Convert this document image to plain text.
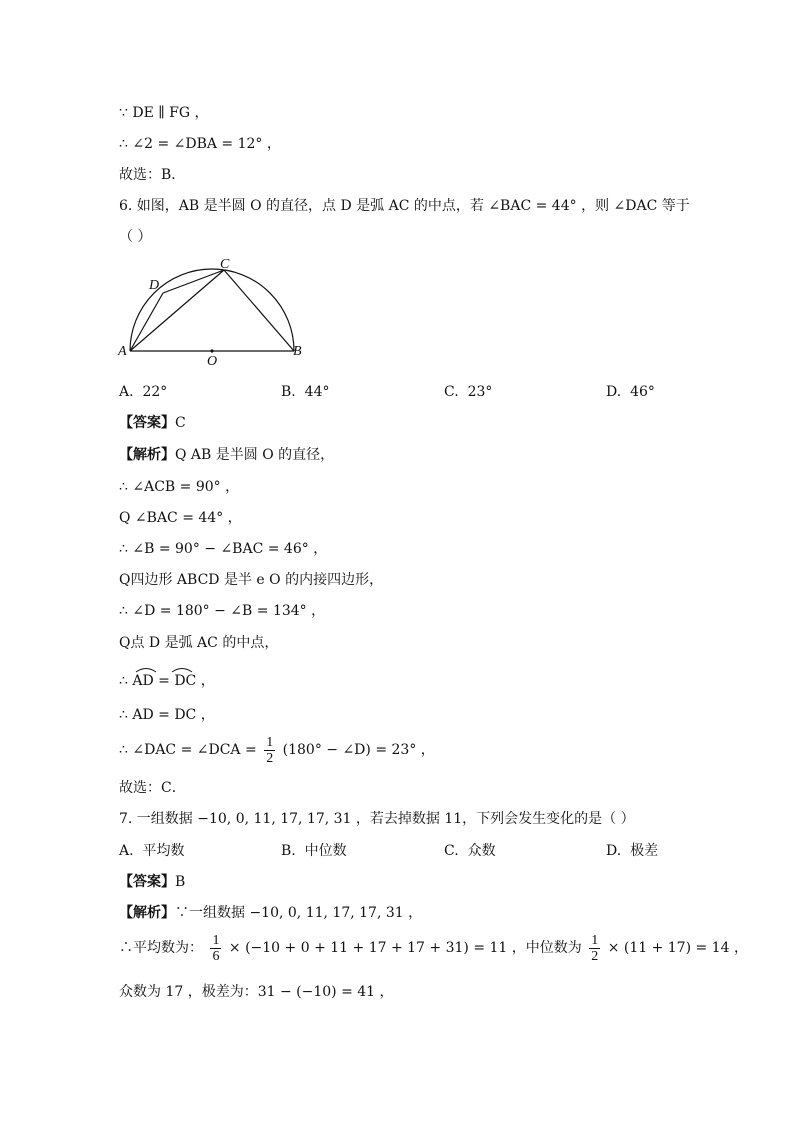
∵ DE ∥ FG ，
∴ ∠2 = ∠DBA = 12° ，
故选：B．
6. 如图，AB 是半圆 O 的直径，点 D 是弧 AC 的中点，若 ∠BAC = 44° ，则 ∠DAC 等于
（ ）
A	B
C
D
O
A. 22°	B. 44°	C. 23°	D. 46°
【答案】C
【解析】Q AB 是半圆 O 的直径，
∴ ∠ACB = 90° ，
Q ∠BAC = 44° ，
∴ ∠B = 90° − ∠BAC = 46° ，
Q四边形 ABCD 是半 e O 的内接四边形，
∴ ∠D = 180° − ∠B = 134° ，
Q点 D 是弧 AC 的中点，
∴ AD = DC ，
∴ AD = DC ，
∴ ∠DAC = ∠DCA = $\frac{1}{2} (180^\circ$ − ∠D) = 23° ，
故选：C．
7. 一组数据 −10, 0, 11, 17, 17, 31 ，若去掉数据 11，下列会发生变化的是（ ）
A. 平均数	B. 中位数	C. 众数	D. 极差
【答案】B
【解析】∵一组数据 −10, 0, 11, 17, 17, 31 ，
∴平均数为： $\frac{1}{6} \times (-10 + 0 + 11 + 17 + 17 + 31) = 11$ ，中位数为 $\frac{1}{2} \times (11 + 17) = 14$ ，
众数为 17 ，极差为：31 − (−10) = 41 ，
